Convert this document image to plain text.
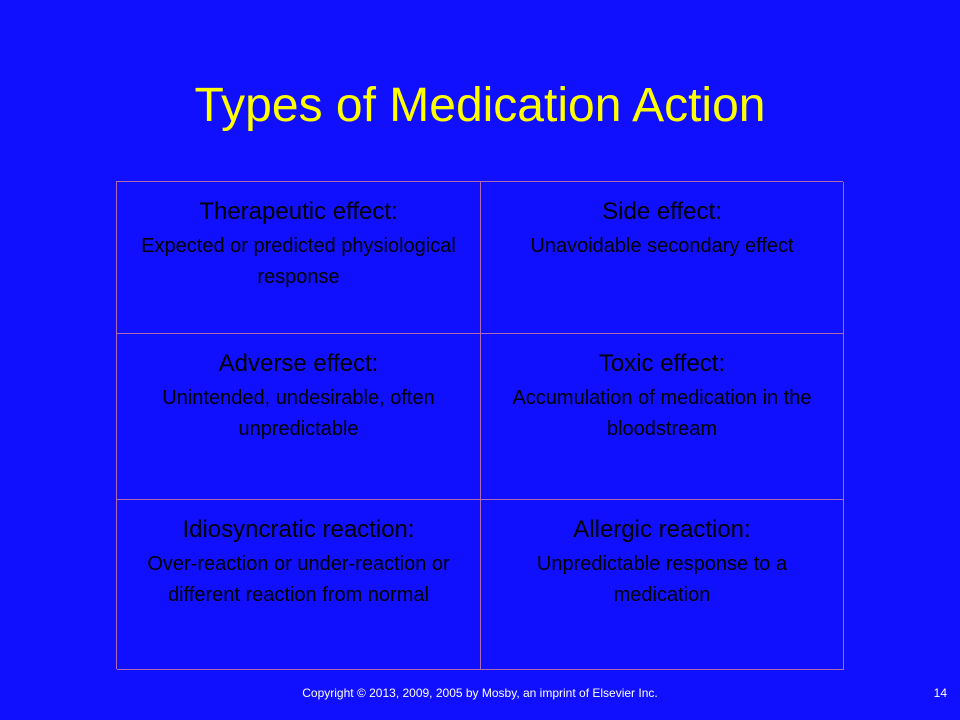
Types of Medication Action
Therapeutic effect:
Expected or predicted physiological response
Side effect:
Unavoidable secondary effect
Adverse effect:
Unintended, undesirable, often unpredictable
Toxic effect:
Accumulation of medication in the bloodstream
Idiosyncratic reaction:
Over-reaction or under-reaction or different reaction from normal
Allergic reaction:
Unpredictable response to a medication
Copyright © 2013, 2009, 2005 by Mosby, an imprint of Elsevier Inc.	14
